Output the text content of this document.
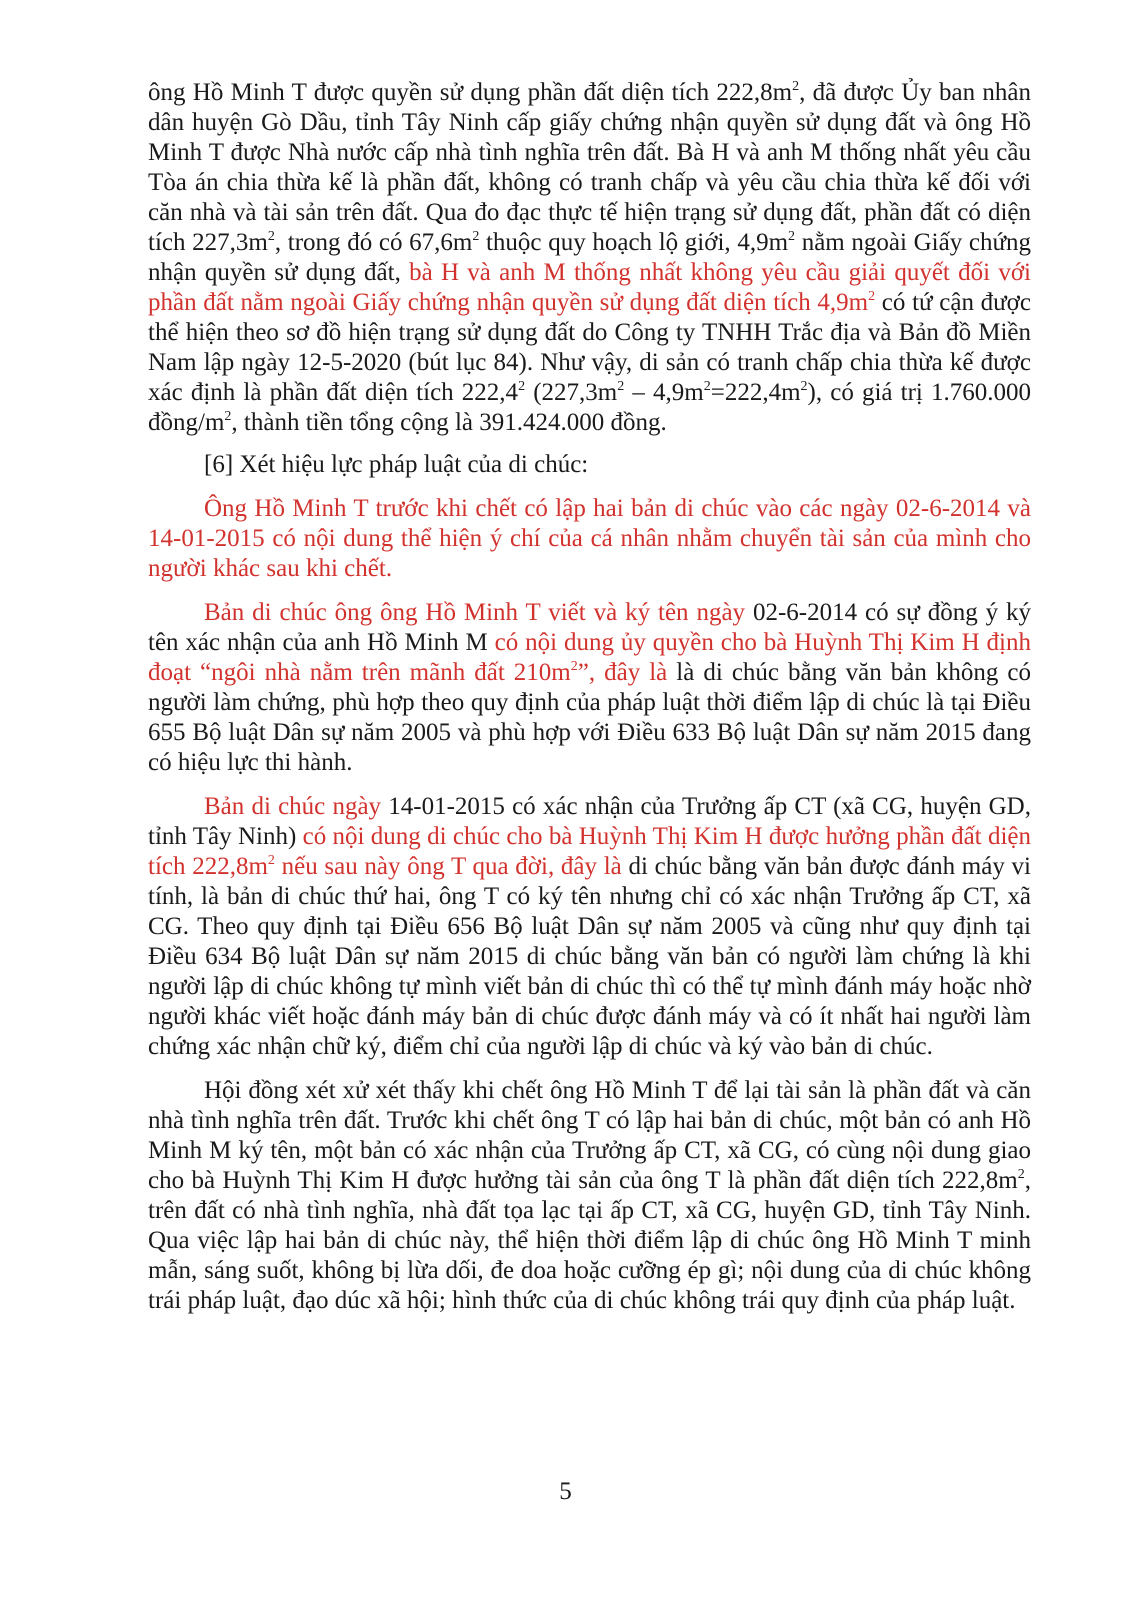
ông Hồ Minh T được quyền sử dụng phần đất diện tích $222,8m^2$, đã được Ủy ban nhân dân huyện Gò Dầu, tỉnh Tây Ninh cấp giấy chứng nhận quyền sử dụng đất và ông Hồ Minh T được Nhà nước cấp nhà tình nghĩa trên đất. Bà H và anh M thống nhất yêu cầu Tòa án chia thừa kế là phần đất, không có tranh chấp và yêu cầu chia thừa kế đối với căn nhà và tài sản trên đất. Qua đo đạc thực tế hiện trạng sử dụng đất, phần đất có diện tích $227,3m^2$, trong đó có $67,6m^2$ thuộc quy hoạch lộ giới, $4,9m^2$ nằm ngoài Giấy chứng nhận quyền sử dụng đất, bà H và anh M thống nhất không yêu cầu giải quyết đối với phần đất nằm ngoài Giấy chứng nhận quyền sử dụng đất diện tích $4,9m^2$ có tứ cận được thể hiện theo sơ đồ hiện trạng sử dụng đất do Công ty TNHH Trắc địa và Bản đồ Miền Nam lập ngày 12-5-2020 (bút lục 84). Như vậy, di sản có tranh chấp chia thừa kế được xác định là phần đất diện tích 222,4$^2$ $(227,3m^2 - 4,9m^2=222,4m^2)$, có giá trị 1.760.000 đồng/$m^2$, thành tiền tổng cộng là 391.424.000 đồng.

[6] Xét hiệu lực pháp luật của di chúc:

Ông Hồ Minh T trước khi chết có lập hai bản di chúc vào các ngày 02-6-2014 và 14-01-2015 có nội dung thể hiện ý chí của cá nhân nhằm chuyển tài sản của mình cho người khác sau khi chết.

Bản di chúc ông ông Hồ Minh T viết và ký tên ngày 02-6-2014 có sự đồng ý ký tên xác nhận của anh Hồ Minh M có nội dung ủy quyền cho bà Huỳnh Thị Kim H định đoạt “ngôi nhà nằm trên mãnh đất $210m^2$”, đây là là di chúc bằng văn bản không có người làm chứng, phù hợp theo quy định của pháp luật thời điểm lập di chúc là tại Điều 655 Bộ luật Dân sự năm 2005 và phù hợp với Điều 633 Bộ luật Dân sự năm 2015 đang có hiệu lực thi hành.

Bản di chúc ngày 14-01-2015 có xác nhận của Trưởng ấp CT (xã CG, huyện GD, tỉnh Tây Ninh) có nội dung di chúc cho bà Huỳnh Thị Kim H được hưởng phần đất diện tích $222,8m^2$ nếu sau này ông T qua đời, đây là di chúc bằng văn bản được đánh máy vi tính, là bản di chúc thứ hai, ông T có ký tên nhưng chỉ có xác nhận Trưởng ấp CT, xã CG. Theo quy định tại Điều 656 Bộ luật Dân sự năm 2005 và cũng như quy định tại Điều 634 Bộ luật Dân sự năm 2015 di chúc bằng văn bản có người làm chứng là khi người lập di chúc không tự mình viết bản di chúc thì có thể tự mình đánh máy hoặc nhờ người khác viết hoặc đánh máy bản di chúc được đánh máy và có ít nhất hai người làm chứng xác nhận chữ ký, điểm chỉ của người lập di chúc và ký vào bản di chúc.

Hội đồng xét xử xét thấy khi chết ông Hồ Minh T để lại tài sản là phần đất và căn nhà tình nghĩa trên đất. Trước khi chết ông T có lập hai bản di chúc, một bản có anh Hồ Minh M ký tên, một bản có xác nhận của Trưởng ấp CT, xã CG, có cùng nội dung giao cho bà Huỳnh Thị Kim H được hưởng tài sản của ông T là phần đất diện tích $222,8m^2$, trên đất có nhà tình nghĩa, nhà đất tọa lạc tại ấp CT, xã CG, huyện GD, tỉnh Tây Ninh. Qua việc lập hai bản di chúc này, thể hiện thời điểm lập di chúc ông Hồ Minh T minh mẫn, sáng suốt, không bị lừa dối, đe doa hoặc cưỡng ép gì; nội dung của di chúc không trái pháp luật, đạo dúc xã hội; hình thức của di chúc không trái quy định của pháp luật.

5
